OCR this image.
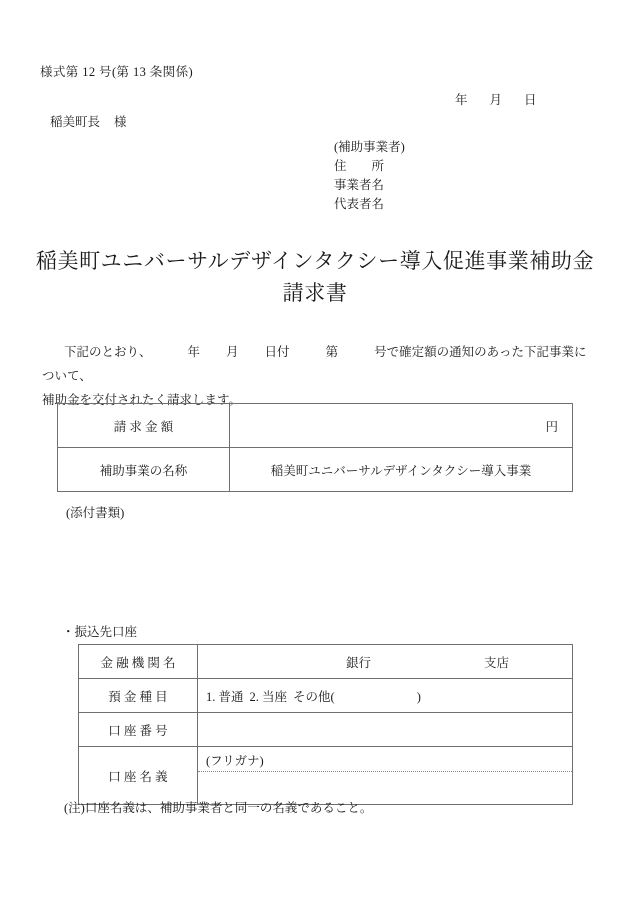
様式第 12 号(第 13 条関係)
年 月 日
稲美町長 様
(補助事業者)
住　　所
事業者名
代表者名
稲美町ユニバーサルデザインタクシー導入促進事業補助金
請求書
下記のとおり、	年 月 日付	第	号で確定額の通知のあった下記事業について、
補助金を交付されたく請求します。
請 求 金 額	円
補助事業の名称	稲美町ユニバーサルデザインタクシー導入事業
(添付書類)
・振込先口座
金 融 機 関 名	銀行 支店

預 金 種 目	1. 普通 2. 当座 その他( )
口 座 番 号	
口 座 名 義	(フリガナ)
(注)口座名義は、補助事業者と同一の名義であること。
